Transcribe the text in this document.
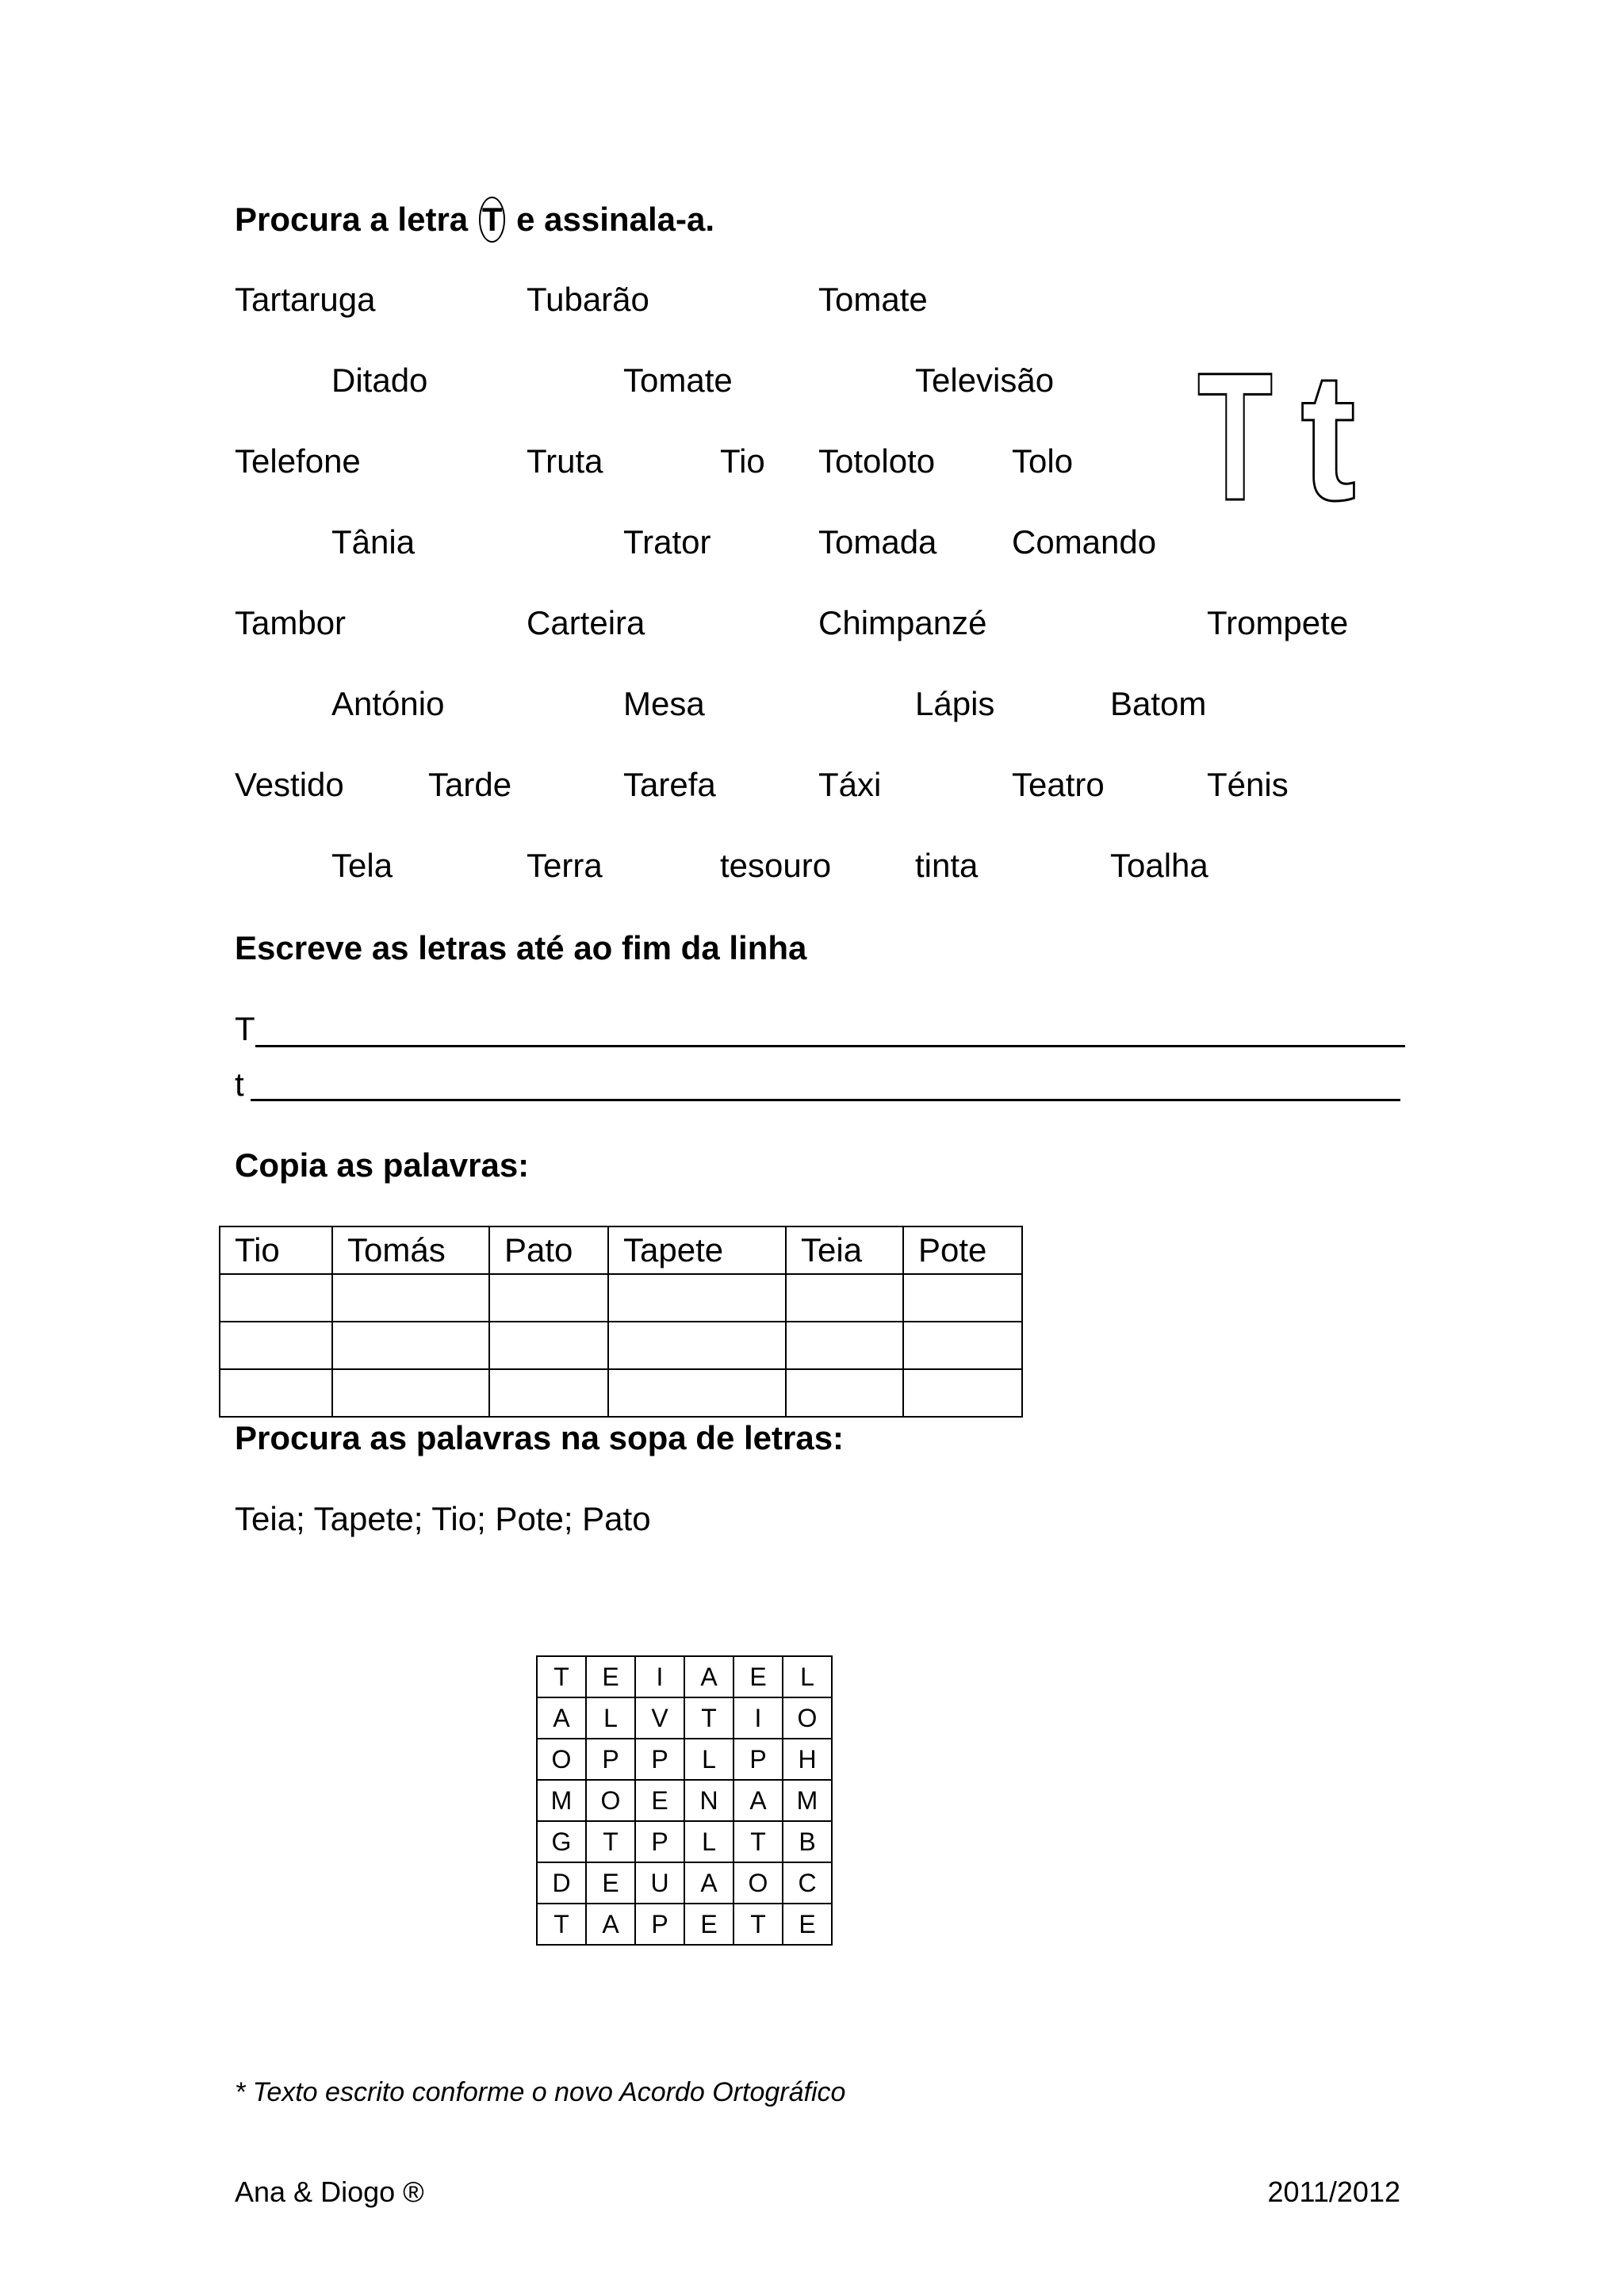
Procura a letra T e assinala-a.
Tartaruga	Tubarão	Tomate
Ditado	Tomate	Televisão
Telefone	Truta	Tio Totoloto Tolo
Tânia	Trator	Tomada Comando
Tambor	Carteira	Chimpanzé	Trompete
António	Mesa	Lápis	Batom
Vestido	Tarde	Tarefa	Táxi	Teatro	Ténis
Tela	Terra	tesouro	tinta	Toalha
T t
Escreve as letras até ao fim da linha
T
t
Copia as palavras:
Tio	Tomás	Pato	Tapete	Teia	Pote

Procura as palavras na sopa de letras:
Teia; Tapete; Tio; Pote; Pato
T	E	I	A	E	L
A	L	V	T	I	O
O	P	P	L	P	H
M	O	E	N	A	M
G	T	P	L	T	B
D	E	U	A	O	C
T	A	P	E	T	E
* Texto escrito conforme o novo Acordo Ortográfico
Ana & Diogo ®	2011/2012
